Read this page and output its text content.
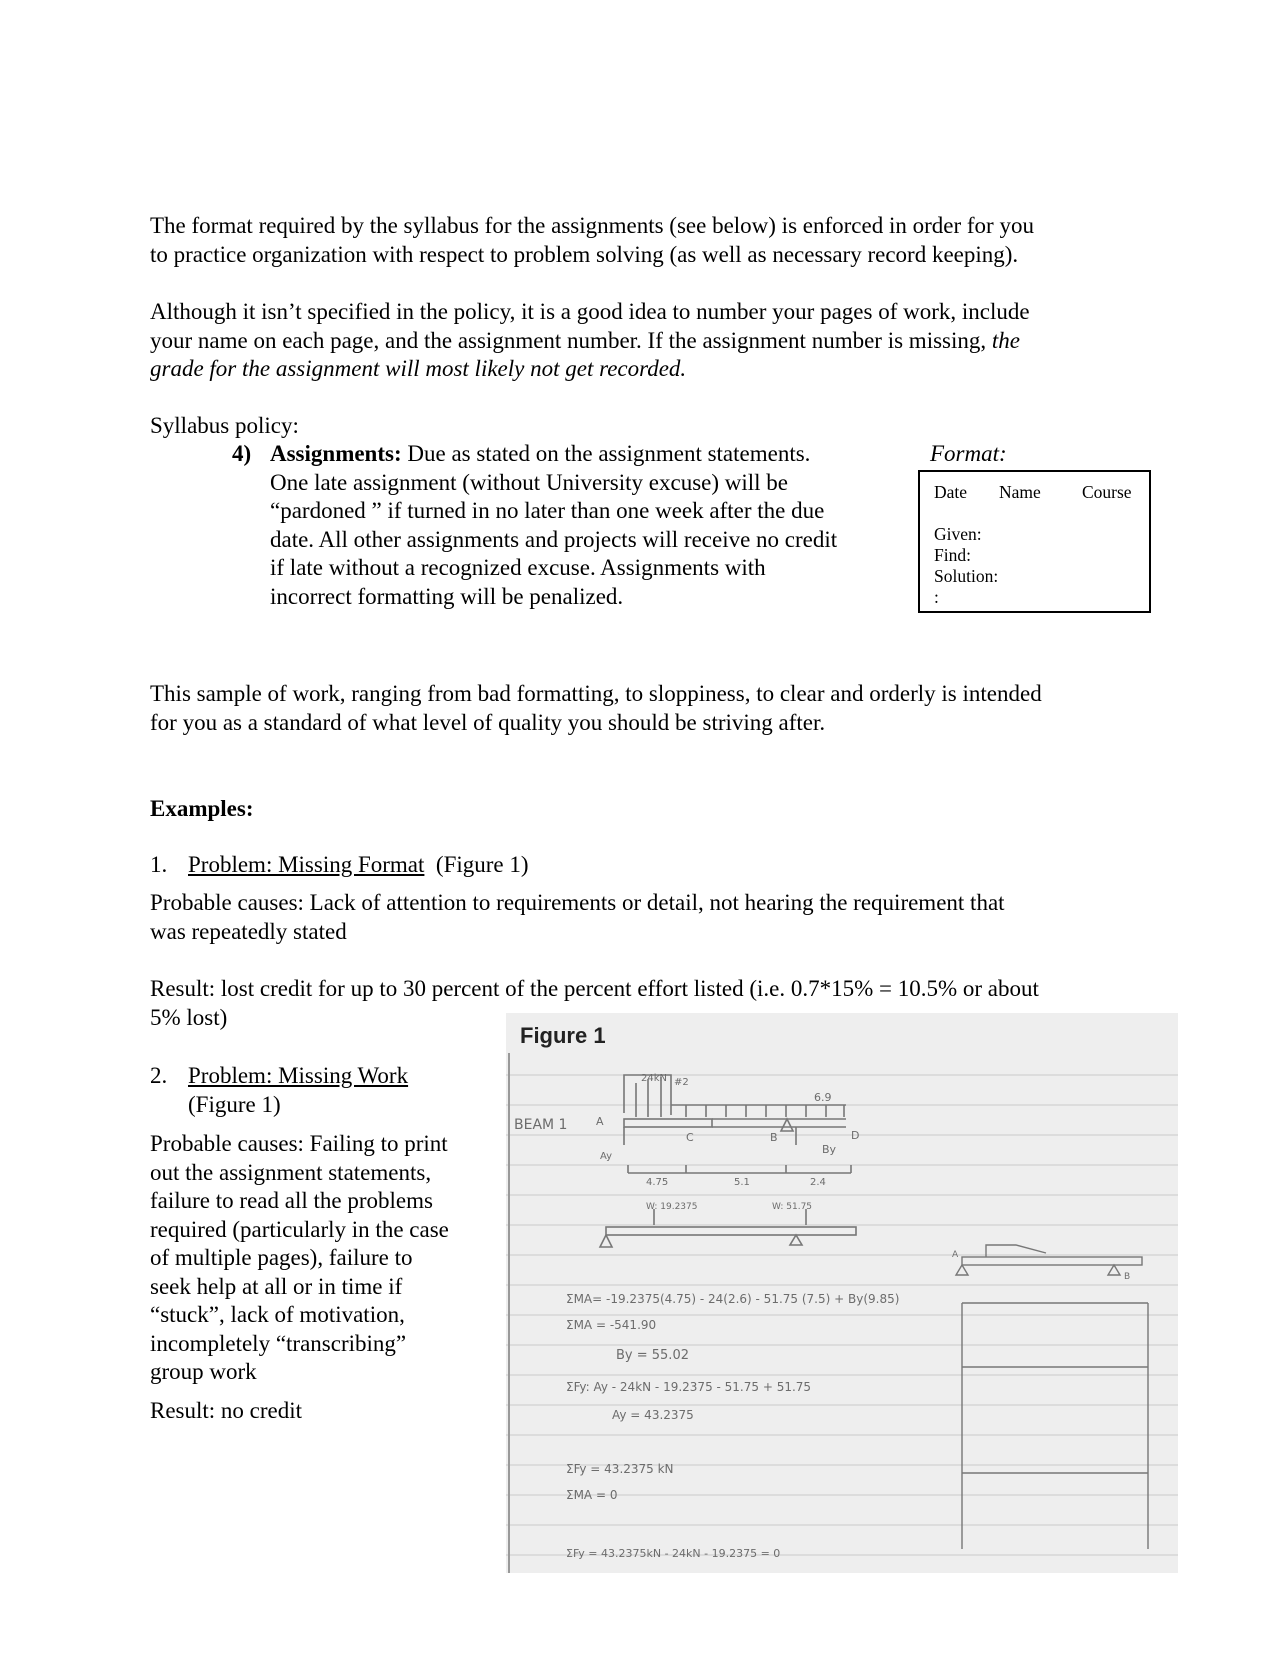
The format required by the syllabus for the assignments (see below) is enforced in order for you
to practice organization with respect to problem solving (as well as necessary record keeping).
Although it isn’t specified in the policy, it is a good idea to number your pages of work, include
your name on each page, and the assignment number. If the assignment number is missing, the
grade for the assignment will most likely not get recorded.
Syllabus policy:
4) Assignments: Due as stated on the assignment statements.
One late assignment (without University excuse) will be
“pardoned ” if turned in no later than one week after the due
date. All other assignments and projects will receive no credit
if late without a recognized excuse. Assignments with
incorrect formatting will be penalized.
Format:
Date Name Course
Given:
Find:
Solution:
:
This sample of work, ranging from bad formatting, to sloppiness, to clear and orderly is intended
for you as a standard of what level of quality you should be striving after.
Examples:
1. Problem: Missing Format (Figure 1)
Probable causes: Lack of attention to requirements or detail, not hearing the requirement that
was repeatedly stated
Result: lost credit for up to 30 percent of the percent effort listed (i.e. 0.7*15% = 10.5% or about
5% lost)
2. Problem: Missing Work
(Figure 1)
Probable causes: Failing to print
out the assignment statements,
failure to read all the problems
required (particularly in the case
of multiple pages), failure to
seek help at all or in time if
“stuck”, lack of motivation,
incompletely “transcribing”
group work
Result: no credit
BEAM 1
24kN #2
6.9
A
C	B	D
Ay
By
4.75	5.1	2.4
W: 19.2375	W: 51.75
ΣMA= -19.2375(4.75) - 24(2.6) - 51.75 (7.5) + By(9.85)
ΣMA = -541.90
By = 55.02
ΣFy: Ay - 24kN - 19.2375 - 51.75 + 51.75
Ay = 43.2375
ΣFy = 43.2375 kN
ΣMA = 0
ΣFy = 43.2375kN - 24kN - 19.2375 = 0
A
B
Figure 1
